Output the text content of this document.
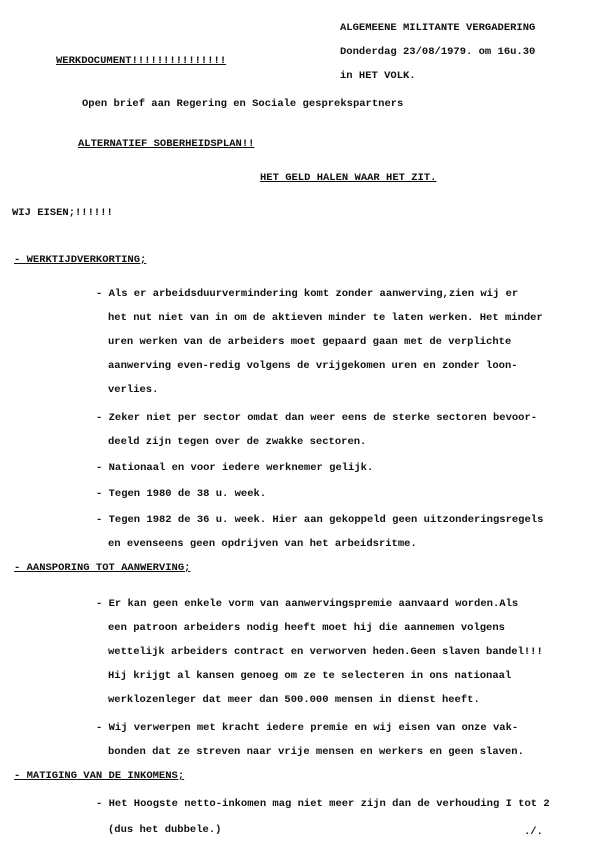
ALGEMEENE MILITANTE VERGADERING
Donderdag 23/08/1979. om 16u.30
in HET VOLK.
WERKDOCUMENT!!!!!!!!!!!!!!!
Open brief aan Regering en Sociale gesprekspartners
ALTERNATIEF SOBERHEIDSPLAN!!
HET GELD HALEN WAAR HET ZIT.
WIJ EISEN;!!!!!!
- WERKTIJDVERKORTING;
- Als er arbeidsduurvermindering komt zonder aanwerving,zien wij er
het nut niet van in om de aktieven minder te laten werken. Het minder
uren werken van de arbeiders moet gepaard gaan met de verplichte
aanwerving even-redig volgens de vrijgekomen uren en zonder loon-
verlies.
- Zeker niet per sector omdat dan weer eens de sterke sectoren bevoor-
deeld zijn tegen over de zwakke sectoren.
- Nationaal en voor iedere werknemer gelijk.
- Tegen 1980 de 38 u. week.
- Tegen 1982 de 36 u. week. Hier aan gekoppeld geen uitzonderingsregels
en evenseens geen opdrijven van het arbeidsritme.
- AANSPORING TOT AANWERVING;
- Er kan geen enkele vorm van aanwervingspremie aanvaard worden.Als
een patroon arbeiders nodig heeft moet hij die aannemen volgens
wettelijk arbeiders contract en verworven heden.Geen slaven bandel!!!
Hij krijgt al kansen genoeg om ze te selecteren in ons nationaal
werklozenleger dat meer dan 500.000 mensen in dienst heeft.
- Wij verwerpen met kracht iedere premie en wij eisen van onze vak-
bonden dat ze streven naar vrije mensen en werkers en geen slaven.
- MATIGING VAN DE INKOMENS;
- Het Hoogste netto-inkomen mag niet meer zijn dan de verhouding I tot 2
(dus het dubbele.)	./.
